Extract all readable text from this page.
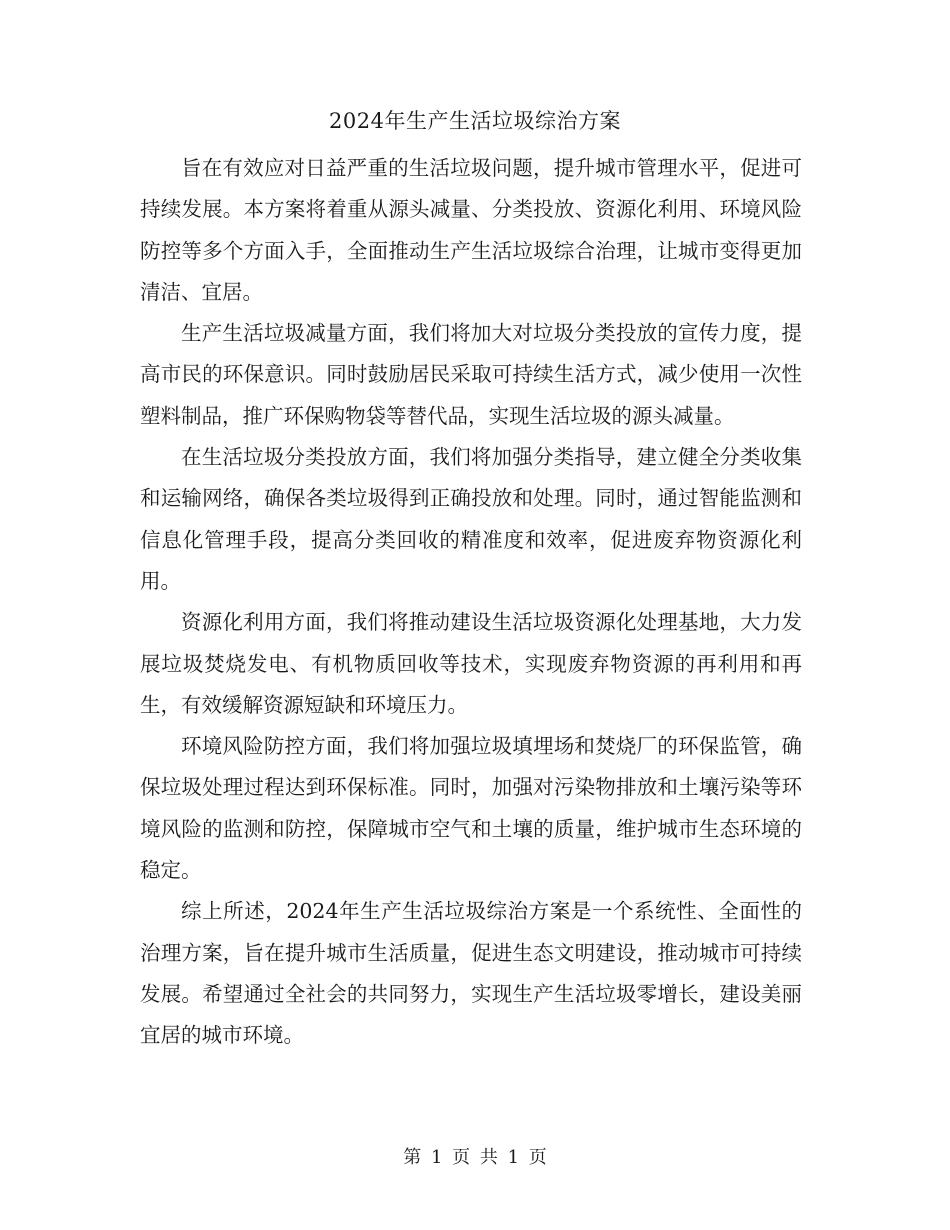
2024年生产生活垃圾综治方案

旨在有效应对日益严重的生活垃圾问题，提升城市管理水平，促进可持续发展。本方案将着重从源头减量、分类投放、资源化利用、环境风险防控等多个方面入手，全面推动生产生活垃圾综合治理，让城市变得更加清洁、宜居。

生产生活垃圾减量方面，我们将加大对垃圾分类投放的宣传力度，提高市民的环保意识。同时鼓励居民采取可持续生活方式，减少使用一次性塑料制品，推广环保购物袋等替代品，实现生活垃圾的源头减量。

在生活垃圾分类投放方面，我们将加强分类指导，建立健全分类收集和运输网络，确保各类垃圾得到正确投放和处理。同时，通过智能监测和信息化管理手段，提高分类回收的精准度和效率，促进废弃物资源化利用。

资源化利用方面，我们将推动建设生活垃圾资源化处理基地，大力发展垃圾焚烧发电、有机物质回收等技术，实现废弃物资源的再利用和再生，有效缓解资源短缺和环境压力。

环境风险防控方面，我们将加强垃圾填埋场和焚烧厂的环保监管，确保垃圾处理过程达到环保标准。同时，加强对污染物排放和土壤污染等环境风险的监测和防控，保障城市空气和土壤的质量，维护城市生态环境的稳定。

综上所述，2024年生产生活垃圾综治方案是一个系统性、全面性的治理方案，旨在提升城市生活质量，促进生态文明建设，推动城市可持续发展。希望通过全社会的共同努力，实现生产生活垃圾零增长，建设美丽宜居的城市环境。

第 1 页 共 1 页
